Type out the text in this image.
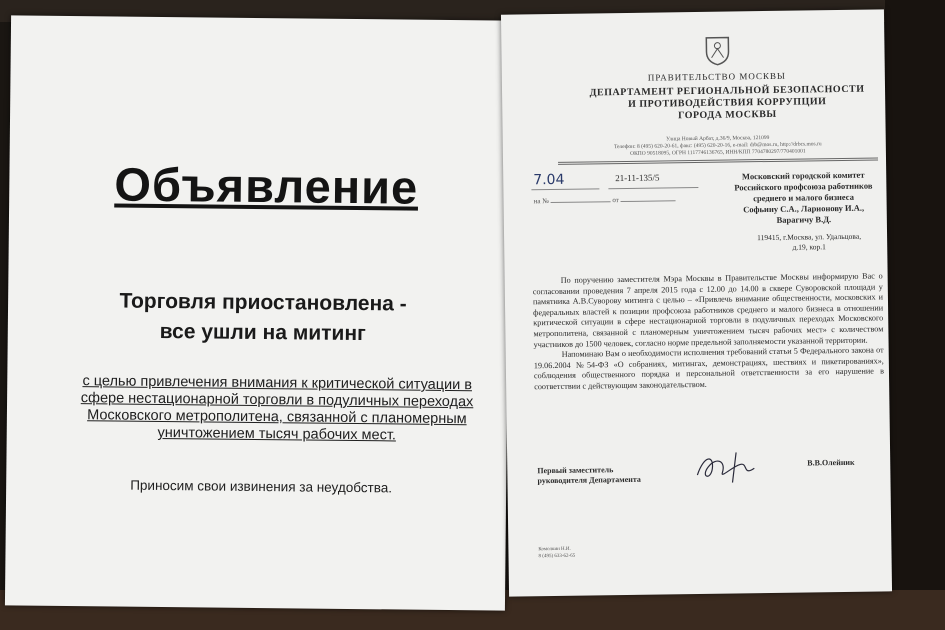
Объявление
Торговля приостановлена -
все ушли на митинг
с целью привлечения внимания к критической ситуации в сфере нестационарной торговли в подуличных переходах Московского метрополитена, связанной с планомерным уничтожением тысяч рабочих мест.
Приносим свои извинения за неудобства.
ПРАВИТЕЛЬСТВО МОСКВЫ
ДЕПАРТАМЕНТ РЕГИОНАЛЬНОЙ БЕЗОПАСНОСТИ
И ПРОТИВОДЕЙСТВИЯ КОРРУПЦИИ
ГОРОДА МОСКВЫ
Улица Новый Арбат, д.36/9, Москва, 121099
Телефон: 8 (495) 620-20-61, факс: (495) 620-20-16, e-mail: drb@mos.ru, http://drbcs.mos.ru
ОКПО 90518095, ОГРН 1117746136765, ИНН/КПП 7704780297/770401001
7.04	21-11-135/5
на №	от
Московский городской комитет
Российского профсоюза работников
среднего и малого бизнеса
Софьину С.А., Ларионову И.А.,
Варагичу В.Д.
119415, г.Москва, ул. Удальцова,
д.19, кор.1

По поручению заместителя Мэра Москвы в Правительстве Москвы информирую Вас о согласовании проведения 7 апреля 2015 года с 12.00 до 14.00 в сквере Суворовской площади у памятника А.В.Суворову митинга с целью – «Привлечь внимание общественности, московских и федеральных властей к позиции профсоюза работников среднего и малого бизнеса в отношении критической ситуации в сфере нестационарной торговли в подуличных переходах Московского метрополитена, связанной с планомерным уничтожением тысяч рабочих мест» с количеством участников до 1500 человек, согласно норме предельной заполняемости указанной территории.

Напоминаю Вам о необходимости исполнения требований статьи 5 Федерального закона от 19.06.2004 №54-ФЗ «О собраниях, митингах, демонстрациях, шествиях и пикетированиях», соблюдения общественного порядка и персональной ответственности за его нарушение в соответствии с действующим законодательством.

Первый заместитель
руководителя Департамента
В.В.Олейник
Комолкин Н.И.
8 (495) 633-62-65
